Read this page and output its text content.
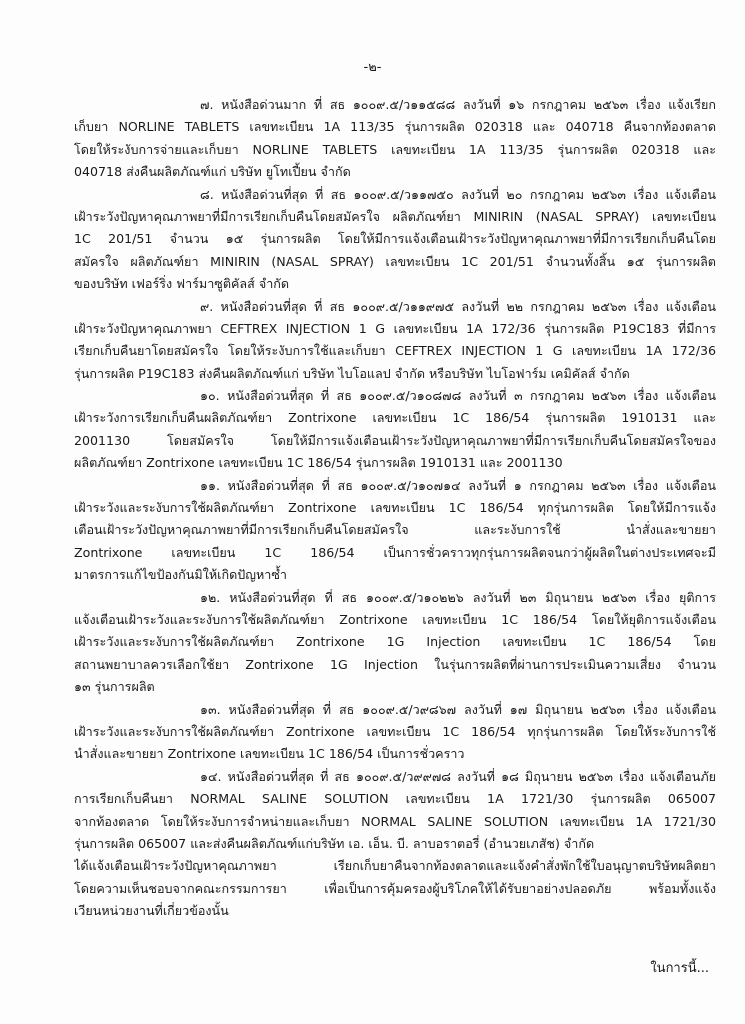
-๒-
๗. หนังสือด่วนมาก ที่ สธ ๑๐๐๙.๕/ว๑๑๕๘๘ ลงวันที่ ๑๖ กรกฎาคม ๒๕๖๓ เรื่อง แจ้งเรียก
เก็บยา NORLINE TABLETS เลขทะเบียน 1A 113/35 รุ่นการผลิต 020318 และ 040718 คืนจากท้องตลาด
โดยให้ระงับการจ่ายและเก็บยา NORLINE TABLETS เลขทะเบียน 1A 113/35 รุ่นการผลิต 020318 และ
040718 ส่งคืนผลิตภัณฑ์แก่ บริษัท ยูโทเปี้ยน จำกัด
๘. หนังสือด่วนที่สุด ที่ สธ ๑๐๐๙.๕/ว๑๑๗๕๐ ลงวันที่ ๒๐ กรกฎาคม ๒๕๖๓ เรื่อง แจ้งเตือน
เฝ้าระวังปัญหาคุณภาพยาที่มีการเรียกเก็บคืนโดยสมัครใจ ผลิตภัณฑ์ยา MINIRIN (NASAL SPRAY) เลขทะเบียน
1C 201/51 จำนวน ๑๕ รุ่นการผลิต โดยให้มีการแจ้งเตือนเฝ้าระวังปัญหาคุณภาพยาที่มีการเรียกเก็บคืนโดย
สมัครใจ ผลิตภัณฑ์ยา MINIRIN (NASAL SPRAY) เลขทะเบียน 1C 201/51 จำนวนทั้งสิ้น ๑๕ รุ่นการผลิต
ของบริษัท เฟอร์ริ่ง ฟาร์มาซูติคัลส์ จำกัด
๙. หนังสือด่วนที่สุด ที่ สธ ๑๐๐๙.๕/ว๑๑๙๗๕ ลงวันที่ ๒๒ กรกฎาคม ๒๕๖๓ เรื่อง แจ้งเตือน
เฝ้าระวังปัญหาคุณภาพยา CEFTREX INJECTION 1 G เลขทะเบียน 1A 172/36 รุ่นการผลิต P19C183 ที่มีการ
เรียกเก็บคืนยาโดยสมัครใจ โดยให้ระงับการใช้และเก็บยา CEFTREX INJECTION 1 G เลขทะเบียน 1A 172/36
รุ่นการผลิต P19C183 ส่งคืนผลิตภัณฑ์แก่ บริษัท ไบโอแลป จำกัด หรือบริษัท ไบโอฟาร์ม เคมิคัลส์ จำกัด
๑๐. หนังสือด่วนที่สุด ที่ สธ ๑๐๐๙.๕/ว๑๐๘๗๘ ลงวันที่ ๓ กรกฎาคม ๒๕๖๓ เรื่อง แจ้งเตือน
เฝ้าระวังการเรียกเก็บคืนผลิตภัณฑ์ยา Zontrixone เลขทะเบียน 1C 186/54 รุ่นการผลิต 1910131 และ
2001130 โดยสมัครใจ โดยให้มีการแจ้งเตือนเฝ้าระวังปัญหาคุณภาพยาที่มีการเรียกเก็บคืนโดยสมัครใจของ
ผลิตภัณฑ์ยา Zontrixone เลขทะเบียน 1C 186/54 รุ่นการผลิต 1910131 และ 2001130
๑๑. หนังสือด่วนที่สุด ที่ สธ ๑๐๐๙.๕/ว๑๐๗๑๔ ลงวันที่ ๑ กรกฎาคม ๒๕๖๓ เรื่อง แจ้งเตือน
เฝ้าระวังและระงับการใช้ผลิตภัณฑ์ยา Zontrixone เลขทะเบียน 1C 186/54 ทุกรุ่นการผลิต โดยให้มีการแจ้ง
เตือนเฝ้าระวังปัญหาคุณภาพยาที่มีการเรียกเก็บคืนโดยสมัครใจ และระงับการใช้ นำสั่งและขายยา
Zontrixone เลขทะเบียน 1C 186/54 เป็นการชั่วคราวทุกรุ่นการผลิตจนกว่าผู้ผลิตในต่างประเทศจะมี
มาตรการแก้ไขป้องกันมิให้เกิดปัญหาซ้ำ
๑๒. หนังสือด่วนที่สุด ที่ สธ ๑๐๐๙.๕/ว๑๐๒๒๖ ลงวันที่ ๒๓ มิถุนายน ๒๕๖๓ เรื่อง ยุติการ
แจ้งเตือนเฝ้าระวังและระงับการใช้ผลิตภัณฑ์ยา Zontrixone เลขทะเบียน 1C 186/54 โดยให้ยุติการแจ้งเตือน
เฝ้าระวังและระงับการใช้ผลิตภัณฑ์ยา Zontrixone 1G Injection เลขทะเบียน 1C 186/54 โดย
สถานพยาบาลควรเลือกใช้ยา Zontrixone 1G Injection ในรุ่นการผลิตที่ผ่านการประเมินความเสี่ยง จำนวน
๑๓ รุ่นการผลิต
๑๓. หนังสือด่วนที่สุด ที่ สธ ๑๐๐๙.๕/ว๙๘๖๗ ลงวันที่ ๑๗ มิถุนายน ๒๕๖๓ เรื่อง แจ้งเตือน
เฝ้าระวังและระงับการใช้ผลิตภัณฑ์ยา Zontrixone เลขทะเบียน 1C 186/54 ทุกรุ่นการผลิต โดยให้ระงับการใช้
นำสั่งและขายยา Zontrixone เลขทะเบียน 1C 186/54 เป็นการชั่วคราว
๑๔. หนังสือด่วนที่สุด ที่ สธ ๑๐๐๙.๕/ว๙๙๗๘ ลงวันที่ ๑๘ มิถุนายน ๒๕๖๓ เรื่อง แจ้งเตือนภัย
การเรียกเก็บคืนยา NORMAL SALINE SOLUTION เลขทะเบียน 1A 1721/30 รุ่นการผลิต 065007
จากท้องตลาด โดยให้ระงับการจำหน่ายและเก็บยา NORMAL SALINE SOLUTION เลขทะเบียน 1A 1721/30
รุ่นการผลิต 065007 และส่งคืนผลิตภัณฑ์แก่บริษัท เอ. เอ็น. บี. ลาบอราตอรี่ (อำนวยเภสัช) จำกัด
ได้แจ้งเตือนเฝ้าระวังปัญหาคุณภาพยา เรียกเก็บยาคืนจากท้องตลาดและแจ้งคำสั่งพักใช้ใบอนุญาตบริษัทผลิตยา
โดยความเห็นชอบจากคณะกรรมการยา เพื่อเป็นการคุ้มครองผู้บริโภคให้ได้รับยาอย่างปลอดภัย พร้อมทั้งแจ้ง
เวียนหน่วยงานที่เกี่ยวข้องนั้น
ในการนี้...
